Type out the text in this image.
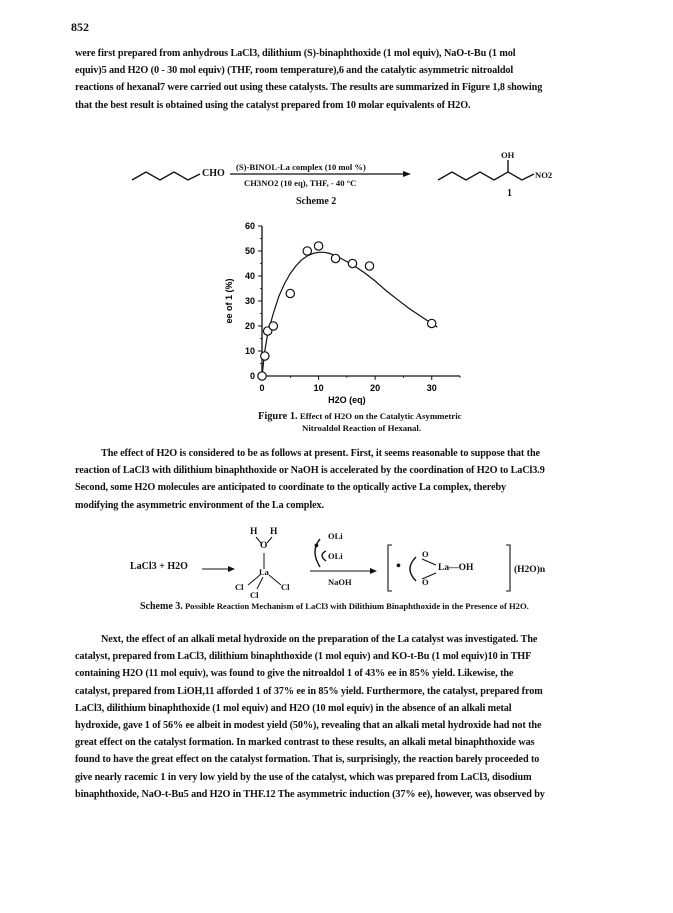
852
were first prepared from anhydrous LaCl3, dilithium (S)-binaphthoxide (1 mol equiv), NaO-t-Bu (1 mol
equiv)5 and H2O (0 - 30 mol equiv) (THF, room temperature),6 and the catalytic asymmetric nitroaldol
reactions of hexanal7 were carried out using these catalysts. The results are summarized in Figure 1,8 showing
that the best result is obtained using the catalyst prepared from 10 molar equivalents of H2O.
CHO
(S)-BINOL-La complex (10 mol %)
CH3NO2 (10 eq), THF, - 40 °C
OH
NO2
1
Scheme 2
0
10
20
30
40
50
60
0	10	20	30
H2O (eq)
ee of 1 (%)
Figure 1. Effect of H2O on the Catalytic Asymmetric
Nitroaldol Reaction of Hexanal.
The effect of H2O is considered to be as follows at present. First, it seems reasonable to suppose that the
reaction of LaCl3 with dilithium binaphthoxide or NaOH is accelerated by the coordination of H2O to LaCl3.9
Second, some H2O molecules are anticipated to coordinate to the optically active La complex, thereby
modifying the asymmetric environment of the La complex.
LaCl3 + H2O
H H
O
La
Cl	Cl
Cl
•
OLi
OLi
NaOH
•
O
O
La—OH	(H2O)n
Scheme 3. Possible Reaction Mechanism of LaCl3 with Dilithium Binaphthoxide in the Presence of H2O.
Next, the effect of an alkali metal hydroxide on the preparation of the La catalyst was investigated. The
catalyst, prepared from LaCl3, dilithium binaphthoxide (1 mol equiv) and KO-t-Bu (1 mol equiv)10 in THF
containing H2O (11 mol equiv), was found to give the nitroaldol 1 of 43% ee in 85% yield. Likewise, the
catalyst, prepared from LiOH,11 afforded 1 of 37% ee in 85% yield. Furthermore, the catalyst, prepared from
LaCl3, dilithium binaphthoxide (1 mol equiv) and H2O (10 mol equiv) in the absence of an alkali metal
hydroxide, gave 1 of 56% ee albeit in modest yield (50%), revealing that an alkali metal hydroxide had not the
great effect on the catalyst formation. In marked contrast to these results, an alkali metal binaphthoxide was
found to have the great effect on the catalyst formation. That is, surprisingly, the reaction barely proceeded to
give nearly racemic 1 in very low yield by the use of the catalyst, which was prepared from LaCl3, disodium
binaphthoxide, NaO-t-Bu5 and H2O in THF.12 The asymmetric induction (37% ee), however, was observed by
